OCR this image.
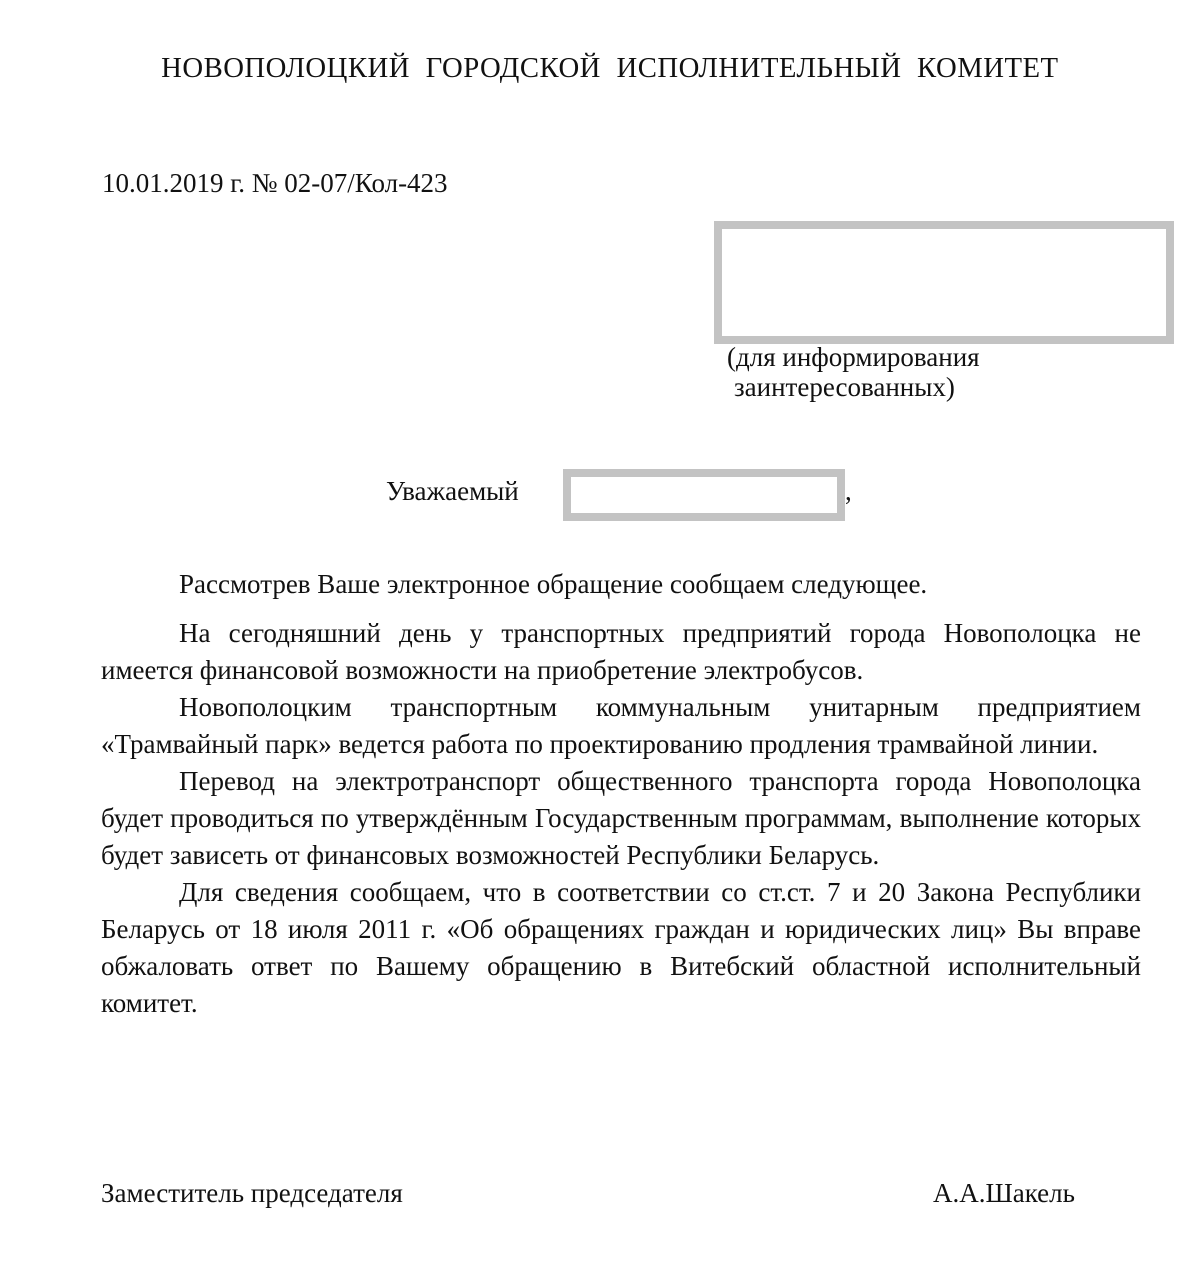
НОВОПОЛОЦКИЙ ГОРОДСКОЙ ИСПОЛНИТЕЛЬНЫЙ КОМИТЕТ
10.01.2019 г. № 02-07/Кол-423
(для информирования
заинтересованных)
Уважаемый	,

Рассмотрев Ваше электронное обращение сообщаем следующее.

На сегодняшний день у транспортных предприятий города Новополоцка не имеется финансовой возможности на приобретение электробусов.

Новополоцким транспортным коммунальным унитарным предприятием «Трамвайный парк» ведется работа по проектированию продления трамвайной линии.

Перевод на электротранспорт общественного транспорта города Новополоцка будет проводиться по утверждённым Государственным программам, выполнение которых будет зависеть от финансовых возможностей Республики Беларусь.

Для сведения сообщаем, что в соответствии со ст.ст. 7 и 20 Закона Республики Беларусь от 18 июля 2011 г. «Об обращениях граждан и юридических лиц» Вы вправе обжаловать ответ по Вашему обращению в Витебский областной исполнительный комитет.

Заместитель председателя	А.А.Шакель
